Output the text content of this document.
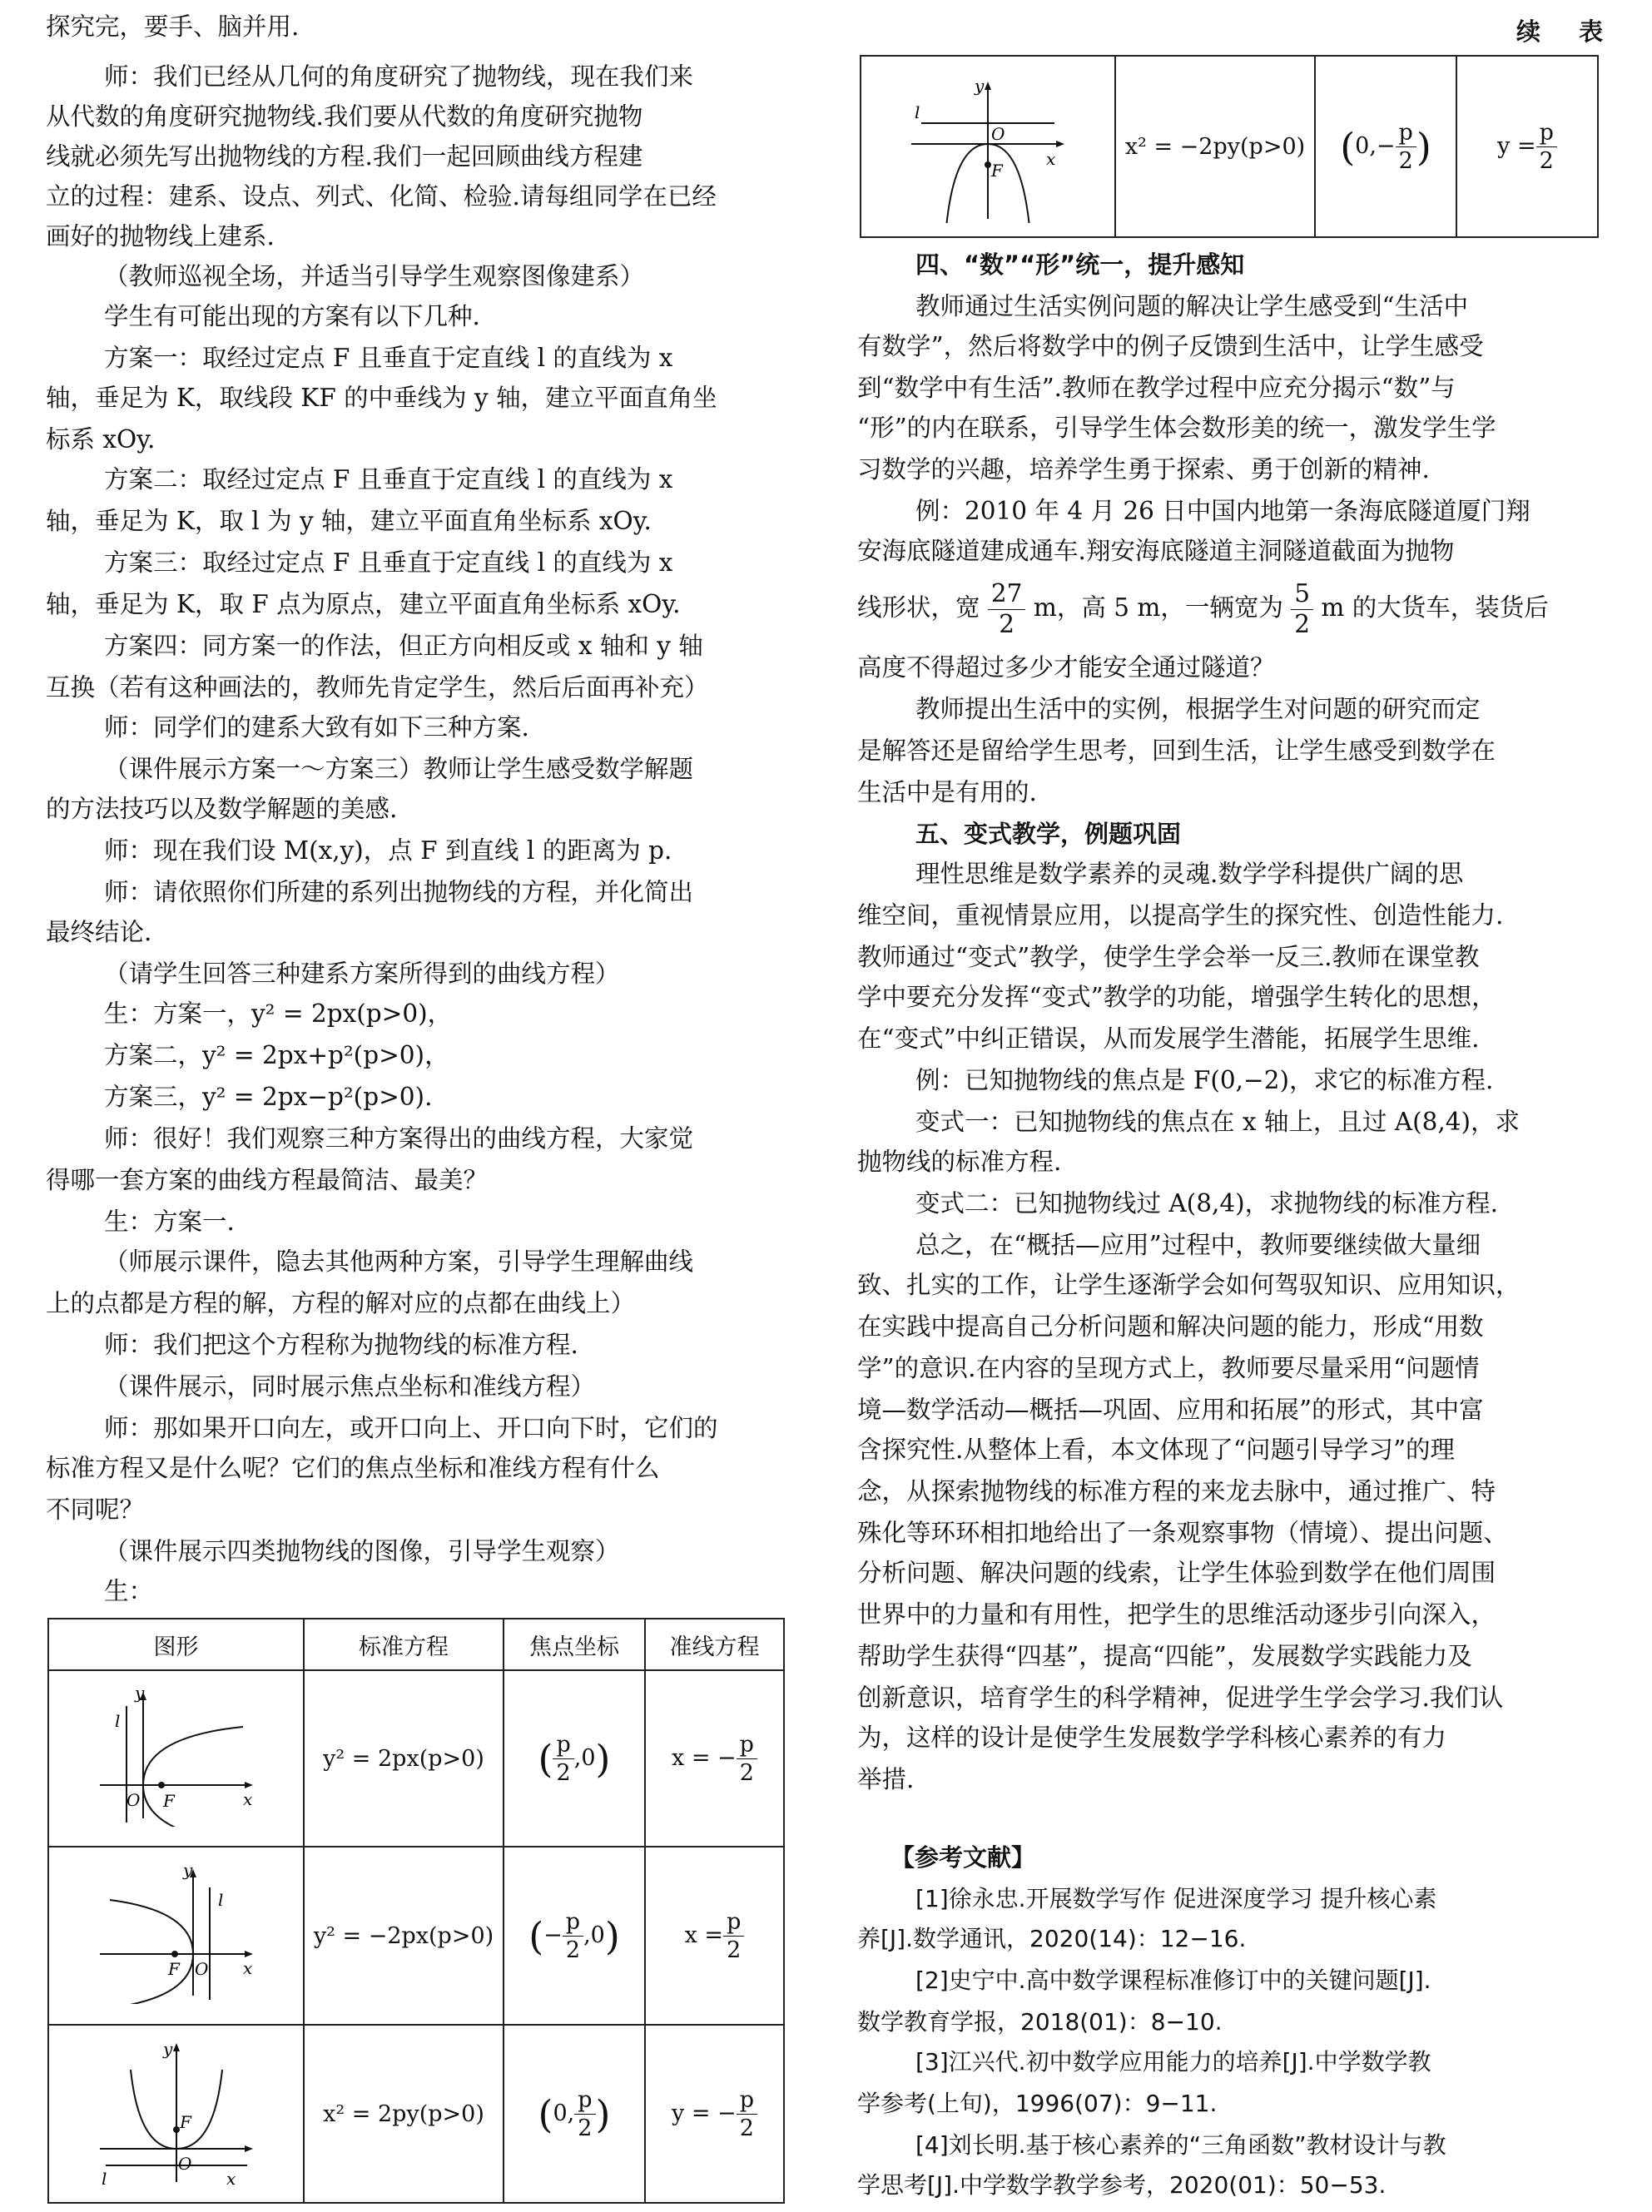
探究完，要手、脑并用.
师：我们已经从几何的角度研究了抛物线，现在我们来
从代数的角度研究抛物线.我们要从代数的角度研究抛物
线就必须先写出抛物线的方程.我们一起回顾曲线方程建
立的过程：建系、设点、列式、化简、检验.请每组同学在已经
画好的抛物线上建系.
（教师巡视全场，并适当引导学生观察图像建系）
学生有可能出现的方案有以下几种.
方案一：取经过定点 F 且垂直于定直线 l 的直线为 x
轴，垂足为 K，取线段 KF 的中垂线为 y 轴，建立平面直角坐
标系 xOy.
方案二：取经过定点 F 且垂直于定直线 l 的直线为 x
轴，垂足为 K，取 l 为 y 轴，建立平面直角坐标系 xOy.
方案三：取经过定点 F 且垂直于定直线 l 的直线为 x
轴，垂足为 K，取 F 点为原点，建立平面直角坐标系 xOy.
方案四：同方案一的作法，但正方向相反或 x 轴和 y 轴
互换（若有这种画法的，教师先肯定学生，然后后面再补充）
师：同学们的建系大致有如下三种方案.
（课件展示方案一～方案三）教师让学生感受数学解题
的方法技巧以及数学解题的美感.
师：现在我们设 M(x,y)，点 F 到直线 l 的距离为 p.
师：请依照你们所建的系列出抛物线的方程，并化简出
最终结论.
（请学生回答三种建系方案所得到的曲线方程）
生：方案一，y² = 2px(p>0)，
方案二，y² = 2px+p²(p>0)，
方案三，y² = 2px−p²(p>0).
师：很好！我们观察三种方案得出的曲线方程，大家觉
得哪一套方案的曲线方程最简洁、最美？
生：方案一.
（师展示课件，隐去其他两种方案，引导学生理解曲线
上的点都是方程的解，方程的解对应的点都在曲线上）
师：我们把这个方程称为抛物线的标准方程.
（课件展示，同时展示焦点坐标和准线方程）
师：那如果开口向左，或开口向上、开口向下时，它们的
标准方程又是什么呢？它们的焦点坐标和准线方程有什么
不同呢？
（课件展示四类抛物线的图像，引导学生观察）
生：
图形	标准方程	焦点坐标	准线方程

y
l
O F x	y² = 2px(p>0)	( $\frac{p}{2} ,0$)	x = − $\frac{p}{2}$

y
l
F O x	y² = −2px(p>0)	(− $\frac{p}{2} ,0$)	$x = \frac{p}{2}$

y
F
O
l x	x² = 2py(p>0)	(0, $\frac{p}{2}$ )	y = − $\frac{p}{2}$
续 表
y
l
O
F
x	x² = −2py(p>0)	($0,- \frac{p}{2}$ )	$y = \frac{p}{2}$
四、“数”“形”统一，提升感知
教师通过生活实例问题的解决让学生感受到“生活中
有数学”，然后将数学中的例子反馈到生活中，让学生感受
到“数学中有生活”.教师在教学过程中应充分揭示“数”与
“形”的内在联系，引导学生体会数形美的统一，激发学生学
习数学的兴趣，培养学生勇于探索、勇于创新的精神.
例：2010 年 4 月 26 日中国内地第一条海底隧道厦门翔
安海底隧道建成通车.翔安海底隧道主洞隧道截面为抛物
线形状，宽 $\frac{27}{2}$ m，高 5 m，一辆宽为 $\frac{5}{2}$ m 的大货车，装货后
高度不得超过多少才能安全通过隧道？
教师提出生活中的实例，根据学生对问题的研究而定
是解答还是留给学生思考，回到生活，让学生感受到数学在
生活中是有用的.
五、变式教学，例题巩固
理性思维是数学素养的灵魂.数学学科提供广阔的思
维空间，重视情景应用，以提高学生的探究性、创造性能力.
教师通过“变式”教学，使学生学会举一反三.教师在课堂教
学中要充分发挥“变式”教学的功能，增强学生转化的思想，
在“变式”中纠正错误，从而发展学生潜能，拓展学生思维.
例：已知抛物线的焦点是 F(0,−2)，求它的标准方程.
变式一：已知抛物线的焦点在 x 轴上，且过 A(8,4)，求
抛物线的标准方程.
变式二：已知抛物线过 A(8,4)，求抛物线的标准方程.
总之，在“概括—应用”过程中，教师要继续做大量细
致、扎实的工作，让学生逐渐学会如何驾驭知识、应用知识，
在实践中提高自己分析问题和解决问题的能力，形成“用数
学”的意识.在内容的呈现方式上，教师要尽量采用“问题情
境—数学活动—概括—巩固、应用和拓展”的形式，其中富
含探究性.从整体上看，本文体现了“问题引导学习”的理
念，从探索抛物线的标准方程的来龙去脉中，通过推广、特
殊化等环环相扣地给出了一条观察事物（情境）、提出问题、
分析问题、解决问题的线索，让学生体验到数学在他们周围
世界中的力量和有用性，把学生的思维活动逐步引向深入，
帮助学生获得“四基”，提高“四能”，发展数学实践能力及
创新意识，培育学生的科学精神，促进学生学会学习.我们认
为，这样的设计是使学生发展数学学科核心素养的有力
举措.
【参考文献】
[1]徐永忠.开展数学写作 促进深度学习 提升核心素
养[J].数学通讯，2020(14)：12−16.
[2]史宁中.高中数学课程标准修订中的关键问题[J].
数学教育学报，2018(01)：8−10.
[3]江兴代.初中数学应用能力的培养[J].中学数学教
学参考(上旬)，1996(07)：9−11.
[4]刘长明.基于核心素养的“三角函数”教材设计与教
学思考[J].中学数学教学参考，2020(01)：50−53.
